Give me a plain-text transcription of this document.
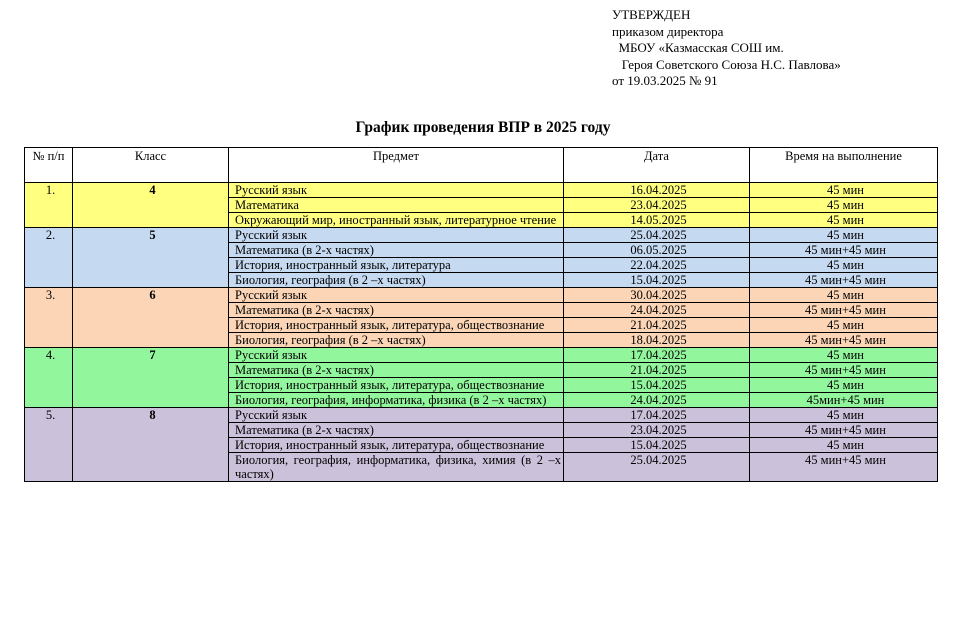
УТВЕРЖДЕН
приказом директора
МБОУ «Казмасская СОШ им.
Героя Советского Союза Н.С. Павлова»
от 19.03.2025 № 91
График проведения ВПР в 2025 году
№ п/п	Класс	Предмет	Дата	Время на выполнение
1.	4	Русский язык	16.04.2025	45 мин
		Математика	23.04.2025	45 мин
		Окружающий мир, иностранный язык, литературное чтение	14.05.2025	45 мин
2.	5	Русский язык	25.04.2025	45 мин
		Математика (в 2-х частях)	06.05.2025	45 мин+45 мин
		История, иностранный язык, литература	22.04.2025	45 мин
		Биология, география (в 2 –х частях)	15.04.2025	45 мин+45 мин
3.	6	Русский язык	30.04.2025	45 мин
		Математика (в 2-х частях)	24.04.2025	45 мин+45 мин
		История, иностранный язык, литература, обществознание	21.04.2025	45 мин
		Биология, география (в 2 –х частях)	18.04.2025	45 мин+45 мин
4.	7	Русский язык	17.04.2025	45 мин
		Математика (в 2-х частях)	21.04.2025	45 мин+45 мин
		История, иностранный язык, литература, обществознание	15.04.2025	45 мин
		Биология, география, информатика, физика (в 2 –х частях)	24.04.2025	45мин+45 мин
5.	8	Русский язык	17.04.2025	45 мин
		Математика (в 2-х частях)	23.04.2025	45 мин+45 мин
		История, иностранный язык, литература, обществознание	15.04.2025	45 мин
		Биология, география, информатика, физика, химия (в 2 –х частях)	25.04.2025	45 мин+45 мин
